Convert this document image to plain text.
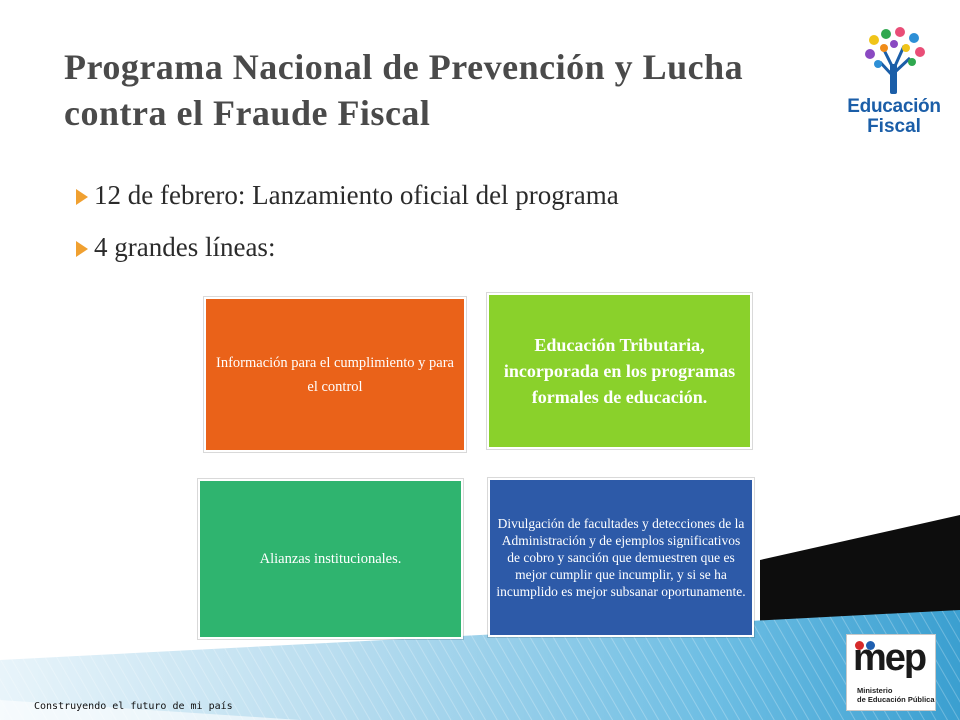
Programa Nacional de Prevención y Lucha
contra el Fraude Fiscal	Educación
Fiscal
12 de febrero: Lanzamiento oficial del programa
4 grandes líneas:
Información para el cumplimiento y para el control
Educación Tributaria, incorporada en los programas formales de educación.
Alianzas institucionales.
Divulgación de facultades y detecciones de la Administración y de ejemplos significativos de cobro y sanción que demuestren que es mejor cumplir que incumplir, y si se ha incumplido es mejor subsanar oportunamente.
mep
Ministerio
de Educación Pública
Construyendo el futuro de mi país
